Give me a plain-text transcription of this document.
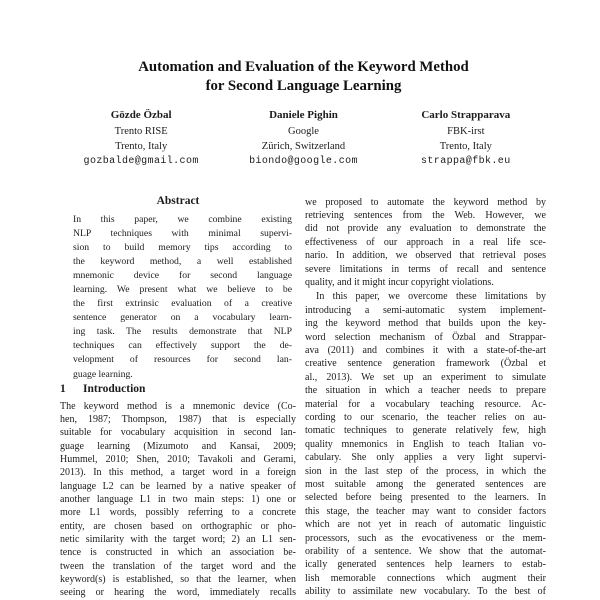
Automation and Evaluation of the Keyword Method
for Second Language Learning
Gözde Özbal
Trento RISE
Trento, Italy
gozbalde@gmail.com
Daniele Pighin
Google
Zürich, Switzerland
biondo@google.com
Carlo Strapparava
FBK-irst
Trento, Italy
strappa@fbk.eu
Abstract
In this paper, we combine existing
NLP techniques with minimal supervi-
sion to build memory tips according to
the keyword method, a well established
mnemonic device for second language
learning. We present what we believe to be
the first extrinsic evaluation of a creative
sentence generator on a vocabulary learn-
ing task. The results demonstrate that NLP
techniques can effectively support the de-
velopment of resources for second lan-
guage learning.
1 Introduction
The keyword method is a mnemonic device (Co-
hen, 1987; Thompson, 1987) that is especially
suitable for vocabulary acquisition in second lan-
guage learning (Mizumoto and Kansai, 2009;
Hummel, 2010; Shen, 2010; Tavakoli and Gerami,
2013). In this method, a target word in a foreign
language L2 can be learned by a native speaker of
another language L1 in two main steps: 1) one or
more L1 words, possibly referring to a concrete
entity, are chosen based on orthographic or pho-
netic similarity with the target word; 2) an L1 sen-
tence is constructed in which an association be-
tween the translation of the target word and the
keyword(s) is established, so that the learner, when
seeing or hearing the word, immediately recalls
we proposed to automate the keyword method by
retrieving sentences from the Web. However, we
did not provide any evaluation to demonstrate the
effectiveness of our approach in a real life sce-
nario. In addition, we observed that retrieval poses
severe limitations in terms of recall and sentence
quality, and it might incur copyright violations.
In this paper, we overcome these limitations by
introducing a semi-automatic system implement-
ing the keyword method that builds upon the key-
word selection mechanism of Özbal and Strappar-
ava (2011) and combines it with a state-of-the-art
creative sentence generation framework (Özbal et
al., 2013). We set up an experiment to simulate
the situation in which a teacher needs to prepare
material for a vocabulary teaching resource. Ac-
cording to our scenario, the teacher relies on au-
tomatic techniques to generate relatively few, high
quality mnemonics in English to teach Italian vo-
cabulary. She only applies a very light supervi-
sion in the last step of the process, in which the
most suitable among the generated sentences are
selected before being presented to the learners. In
this stage, the teacher may want to consider factors
which are not yet in reach of automatic linguistic
processors, such as the evocativeness or the mem-
orability of a sentence. We show that the automat-
ically generated sentences help learners to estab-
lish memorable connections which augment their
ability to assimilate new vocabulary. To the best of
